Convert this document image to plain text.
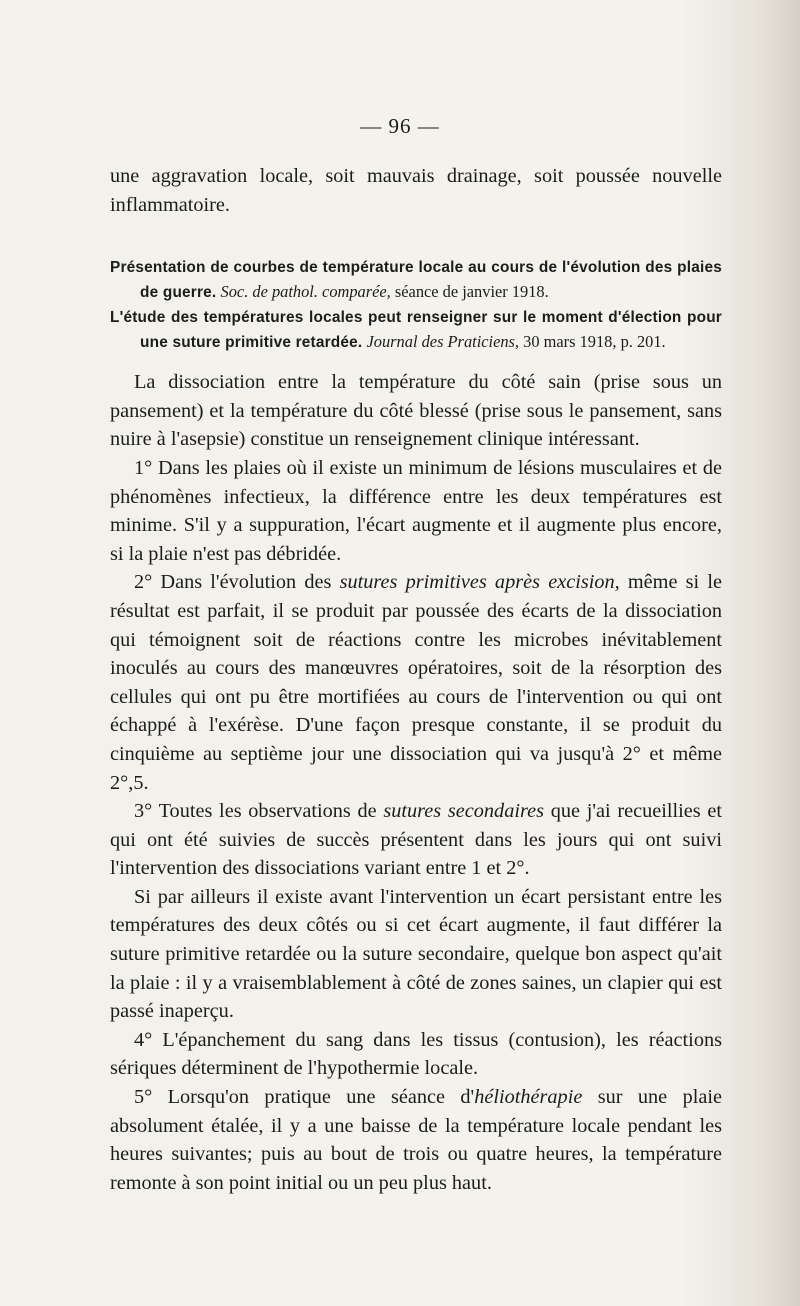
— 96 —

une aggravation locale, soit mauvais drainage, soit poussée nouvelle inflammatoire.

Présentation de courbes de température locale au cours de l'évolution des plaies de guerre. Soc. de pathol. comparée, séance de janvier 1918.

L'étude des températures locales peut renseigner sur le moment d'élection pour une suture primitive retardée. Journal des Praticiens, 30 mars 1918, p. 201.

La dissociation entre la température du côté sain (prise sous un pansement) et la température du côté blessé (prise sous le pansement, sans nuire à l'asepsie) constitue un renseignement clinique intéressant.

1° Dans les plaies où il existe un minimum de lésions musculaires et de phénomènes infectieux, la différence entre les deux températures est minime. S'il y a suppuration, l'écart augmente et il augmente plus encore, si la plaie n'est pas débridée.

2° Dans l'évolution des sutures primitives après excision, même si le résultat est parfait, il se produit par poussée des écarts de la dissociation qui témoignent soit de réactions contre les microbes inévitablement inoculés au cours des manœuvres opératoires, soit de la résorption des cellules qui ont pu être mortifiées au cours de l'intervention ou qui ont échappé à l'exérèse. D'une façon presque constante, il se produit du cinquième au septième jour une dissociation qui va jusqu'à 2° et même 2°,5.

3° Toutes les observations de sutures secondaires que j'ai recueillies et qui ont été suivies de succès présentent dans les jours qui ont suivi l'intervention des dissociations variant entre 1 et 2°.

Si par ailleurs il existe avant l'intervention un écart persistant entre les températures des deux côtés ou si cet écart augmente, il faut différer la suture primitive retardée ou la suture secondaire, quelque bon aspect qu'ait la plaie : il y a vraisemblablement à côté de zones saines, un clapier qui est passé inaperçu.

4° L'épanchement du sang dans les tissus (contusion), les réactions sériques déterminent de l'hypothermie locale.

5° Lorsqu'on pratique une séance d'héliothérapie sur une plaie absolument étalée, il y a une baisse de la température locale pendant les heures suivantes; puis au bout de trois ou quatre heures, la température remonte à son point initial ou un peu plus haut.
